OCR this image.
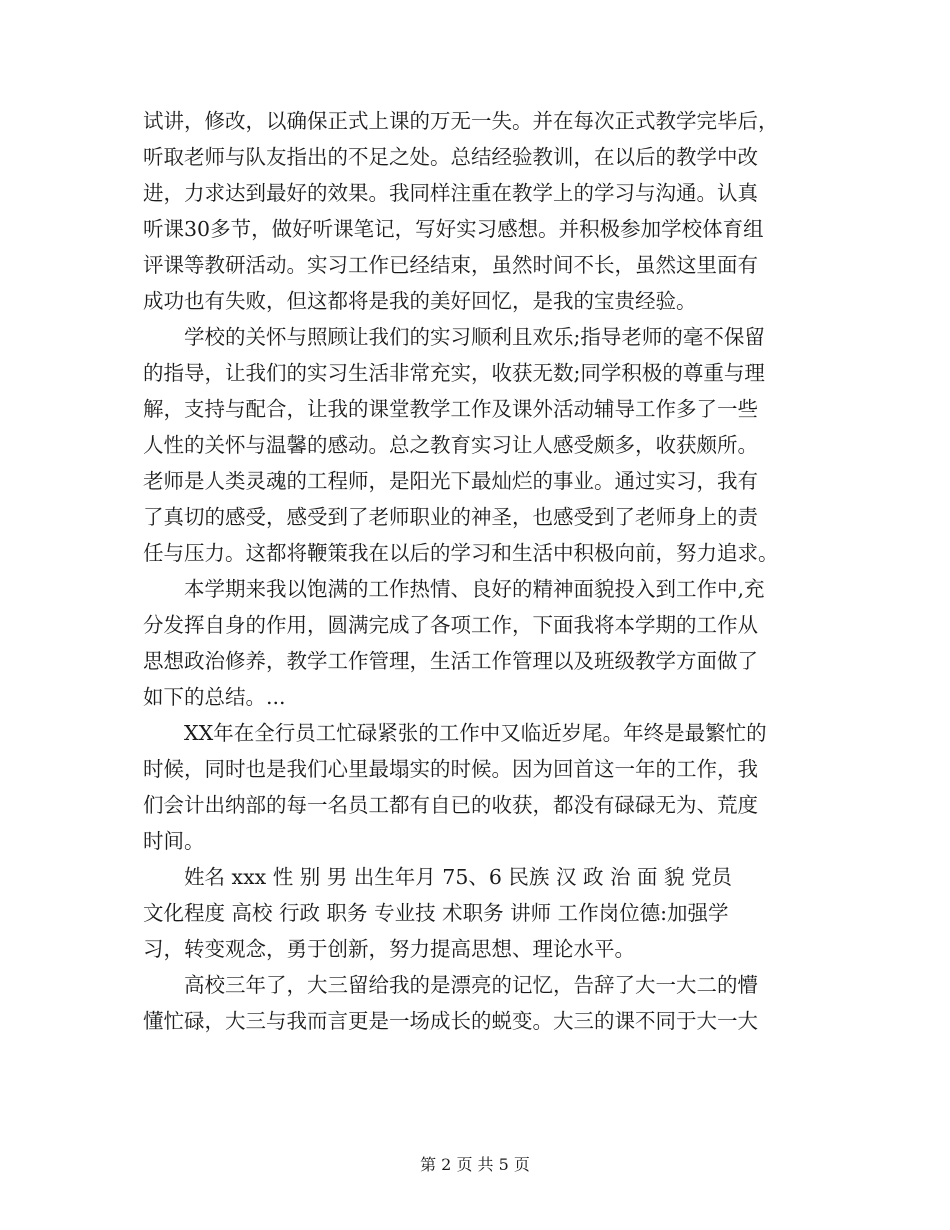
试讲，修改，以确保正式上课的万无一失。并在每次正式教学完毕后，
听取老师与队友指出的不足之处。总结经验教训，在以后的教学中改
进，力求达到最好的效果。我同样注重在教学上的学习与沟通。认真
听课30多节，做好听课笔记，写好实习感想。并积极参加学校体育组
评课等教研活动。实习工作已经结束，虽然时间不长，虽然这里面有
成功也有失败，但这都将是我的美好回忆，是我的宝贵经验。
学校的关怀与照顾让我们的实习顺利且欢乐;指导老师的毫不保留
的指导，让我们的实习生活非常充实，收获无数;同学积极的尊重与理
解，支持与配合，让我的课堂教学工作及课外活动辅导工作多了一些
人性的关怀与温馨的感动。总之教育实习让人感受颇多，收获颇所。
老师是人类灵魂的工程师，是阳光下最灿烂的事业。通过实习，我有
了真切的感受，感受到了老师职业的神圣，也感受到了老师身上的责
任与压力。这都将鞭策我在以后的学习和生活中积极向前，努力追求。
本学期来我以饱满的工作热情、良好的精神面貌投入到工作中,充
分发挥自身的作用，圆满完成了各项工作，下面我将本学期的工作从
思想政治修养，教学工作管理，生活工作管理以及班级教学方面做了
如下的总结。...
XX年在全行员工忙碌紧张的工作中又临近岁尾。年终是最繁忙的
时候，同时也是我们心里最塌实的时候。因为回首这一年的工作，我
们会计出纳部的每一名员工都有自已的收获，都没有碌碌无为、荒度
时间。
姓名 xxx 性 别 男 出生年月 75、6 民族 汉 政 治 面 貌 党员
文化程度 高校 行政 职务 专业技 术职务 讲师 工作岗位德:加强学
习，转变观念，勇于创新，努力提高思想、理论水平。
高校三年了，大三留给我的是漂亮的记忆，告辞了大一大二的懵
懂忙碌，大三与我而言更是一场成长的蜕变。大三的课不同于大一大
第 2 页 共 5 页
